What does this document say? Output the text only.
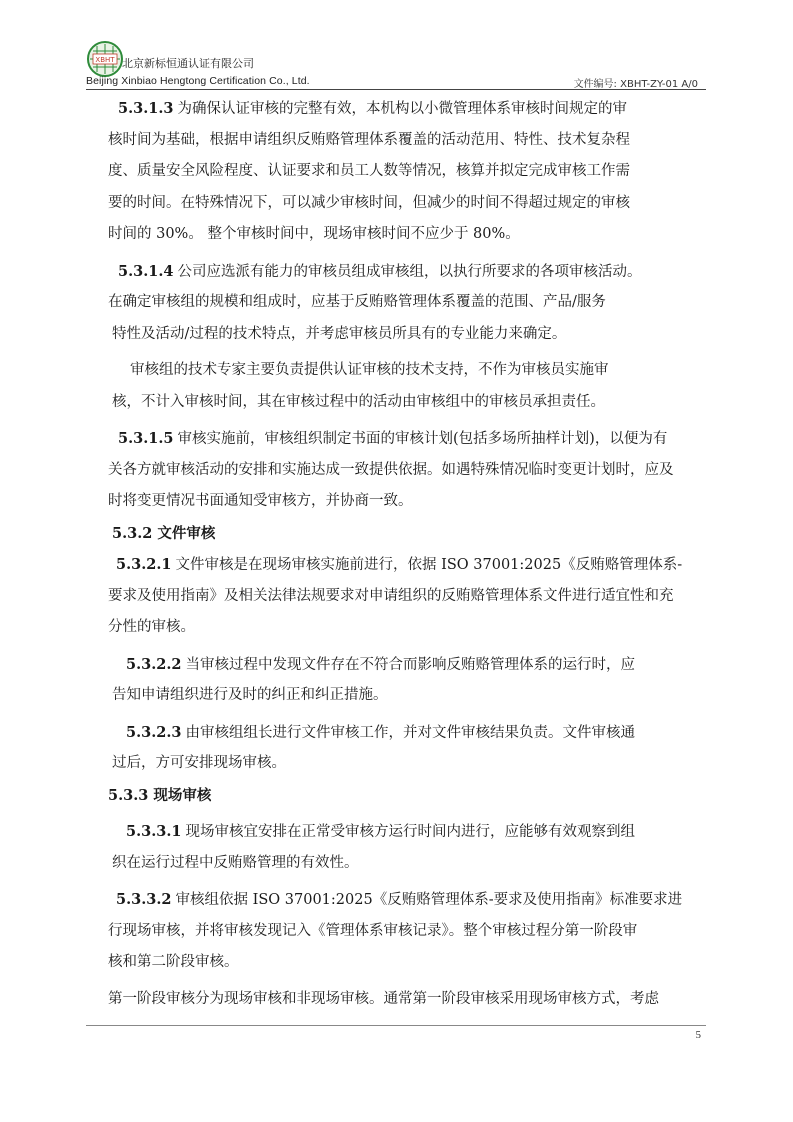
XBHT 北京新标恒通认证有限公司
Beijing Xinbiao Hengtong Certification Co., Ltd.	文件编号: XBHT-ZY-01 A/0
5.3.1.3 为确保认证审核的完整有效，本机构以小微管理体系审核时间规定的审
核时间为基础，根据申请组织反贿赂管理体系覆盖的活动范用、特性、技术复杂程
度、质量安全风险程度、认证要求和员工人数等情况，核算并拟定完成审核工作需
要的时间。在特殊情况下，可以减少审核时间，但减少的时间不得超过规定的审核
时间的 30%。 整个审核时间中，现场审核时间不应少于 80%。
5.3.1.4 公司应选派有能力的审核员组成审核组，以执行所要求的各项审核活动。
在确定审核组的规模和组成时，应基于反贿赂管理体系覆盖的范围、产品/服务
特性及活动/过程的技术特点，并考虑审核员所具有的专业能力来确定。
审核组的技术专家主要负责提供认证审核的技术支持，不作为审核员实施审
核，不计入审核时间，其在审核过程中的活动由审核组中的审核员承担责任。
5.3.1.5 审核实施前，审核组织制定书面的审核计划(包括多场所抽样计划)，以便为有
关各方就审核活动的安排和实施达成一致提供依据。如遇特殊情况临时变更计划时，应及
时将变更情况书面通知受审核方，并协商一致。
5.3.2 文件审核
5.3.2.1 文件审核是在现场审核实施前进行，依据 ISO 37001:2025《反贿赂管理体系-
要求及使用指南》及相关法律法规要求对申请组织的反贿赂管理体系文件进行适宜性和充
分性的审核。
5.3.2.2 当审核过程中发现文件存在不符合而影响反贿赂管理体系的运行时，应
告知申请组织进行及时的纠正和纠正措施。
5.3.2.3 由审核组组长进行文件审核工作，并对文件审核结果负责。文件审核通
过后，方可安排现场审核。
5.3.3 现场审核
5.3.3.1 现场审核宜安排在正常受审核方运行时间内进行，应能够有效观察到组
织在运行过程中反贿赂管理的有效性。
5.3.3.2 审核组依据 ISO 37001:2025《反贿赂管理体系-要求及使用指南》标准要求进
行现场审核，并将审核发现记入《管理体系审核记录》。整个审核过程分第一阶段审
核和第二阶段审核。
第一阶段审核分为现场审核和非现场审核。通常第一阶段审核采用现场审核方式，考虑
5
